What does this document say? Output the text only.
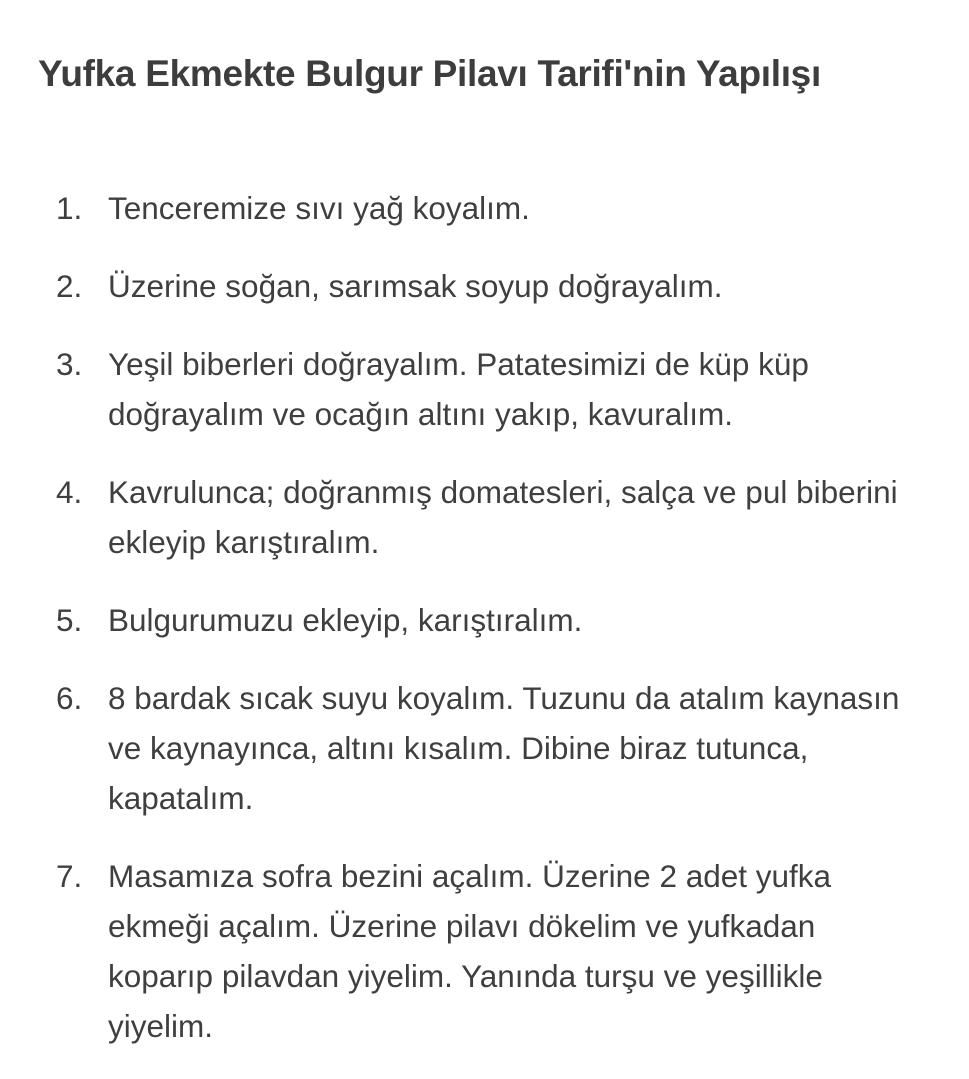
Yufka Ekmekte Bulgur Pilavı Tarifi'nin Yapılışı
1. Tenceremize sıvı yağ koyalım.
2. Üzerine soğan, sarımsak soyup doğrayalım.
3. Yeşil biberleri doğrayalım. Patatesimizi de küp küp doğrayalım ve ocağın altını yakıp, kavuralım.
4. Kavrulunca; doğranmış domatesleri, salça ve pul biberini ekleyip karıştıralım.
5. Bulgurumuzu ekleyip, karıştıralım.
6. 8 bardak sıcak suyu koyalım. Tuzunu da atalım kaynasın ve kaynayınca, altını kısalım. Dibine biraz tutunca, kapatalım.
7. Masamıza sofra bezini açalım. Üzerine 2 adet yufka ekmeği açalım. Üzerine pilavı dökelim ve yufkadan koparıp pilavdan yiyelim. Yanında turşu ve yeşillikle yiyelim.
